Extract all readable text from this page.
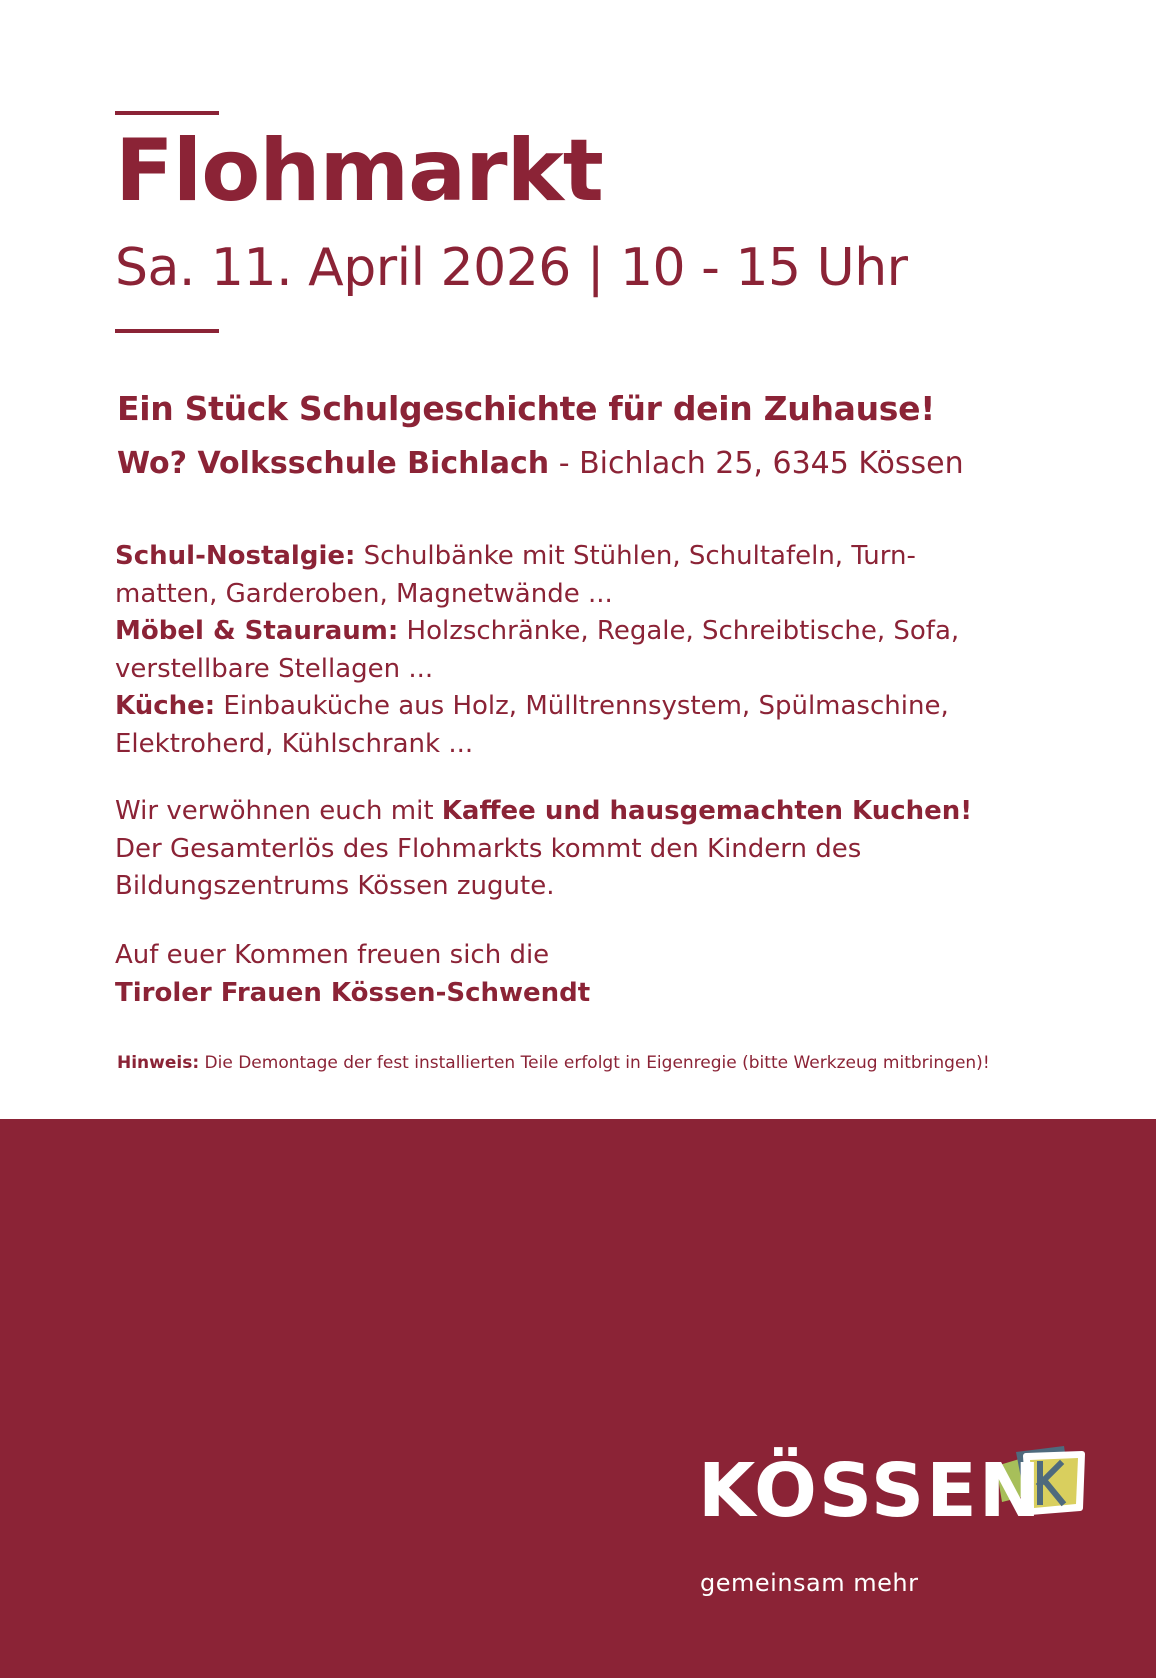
Flohmarkt
Sa. 11. April 2026 | 10 - 15 Uhr
Ein Stück Schulgeschichte für dein Zuhause!
Wo? Volksschule Bichlach - Bichlach 25, 6345 Kössen
Schul-Nostalgie: Schulbänke mit Stühlen, Schultafeln, Turn-
matten, Garderoben, Magnetwände ...
Möbel & Stauraum: Holzschränke, Regale, Schreibtische, Sofa,
verstellbare Stellagen ...
Küche: Einbauküche aus Holz, Mülltrennsystem, Spülmaschine,
Elektroherd, Kühlschrank ...
Wir verwöhnen euch mit Kaffee und hausgemachten Kuchen!
Der Gesamterlös des Flohmarkts kommt den Kindern des Bildungszentrums Kössen zugute.
Auf euer Kommen freuen sich die
Tiroler Frauen Kössen-Schwendt
Hinweis: Die Demontage der fest installierten Teile erfolgt in Eigenregie (bitte Werkzeug mitbringen)!
KÖSSEN
gemeinsam mehr
